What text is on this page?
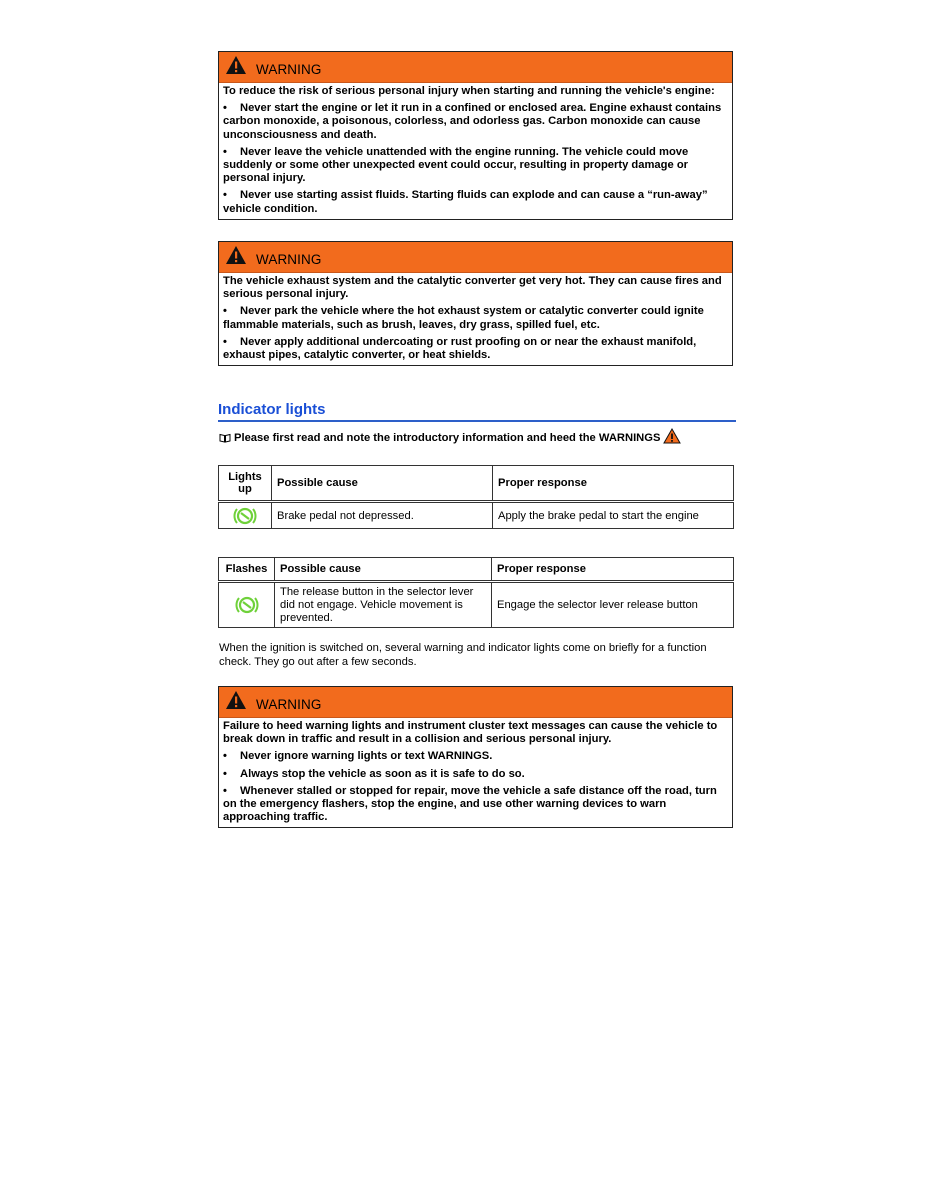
WARNING

To reduce the risk of serious personal injury when starting and running the vehicle's engine:

• Never start the engine or let it run in a confined or enclosed area. Engine exhaust contains carbon monoxide, a poisonous, colorless, and odorless gas. Carbon monoxide can cause unconsciousness and death.

• Never leave the vehicle unattended with the engine running. The vehicle could move suddenly or some other unexpected event could occur, resulting in property damage or personal injury.

• Never use starting assist fluids. Starting fluids can explode and can cause a “run-away” vehicle condition.

WARNING

The vehicle exhaust system and the catalytic converter get very hot. They can cause fires and serious personal injury.

• Never park the vehicle where the hot exhaust system or catalytic converter could ignite flammable materials, such as brush, leaves, dry grass, spilled fuel, etc.

• Never apply additional undercoating or rust proofing on or near the exhaust manifold, exhaust pipes, catalytic converter, or heat shields.

Indicator lights
Please first read and note the introductory information and heed the WARNINGS
Lights up	Possible cause	Proper response
	Brake pedal not depressed.	Apply the brake pedal to start the engine
Flashes	Possible cause	Proper response
	The release button in the selector lever did not engage. Vehicle movement is prevented.	Engage the selector lever release button
When the ignition is switched on, several warning and indicator lights come on briefly for a function check. They go out after a few seconds.
WARNING

Failure to heed warning lights and instrument cluster text messages can cause the vehicle to break down in traffic and result in a collision and serious personal injury.

• Never ignore warning lights or text WARNINGS.

• Always stop the vehicle as soon as it is safe to do so.

• Whenever stalled or stopped for repair, move the vehicle a safe distance off the road, turn on the emergency flashers, stop the engine, and use other warning devices to warn approaching traffic.
